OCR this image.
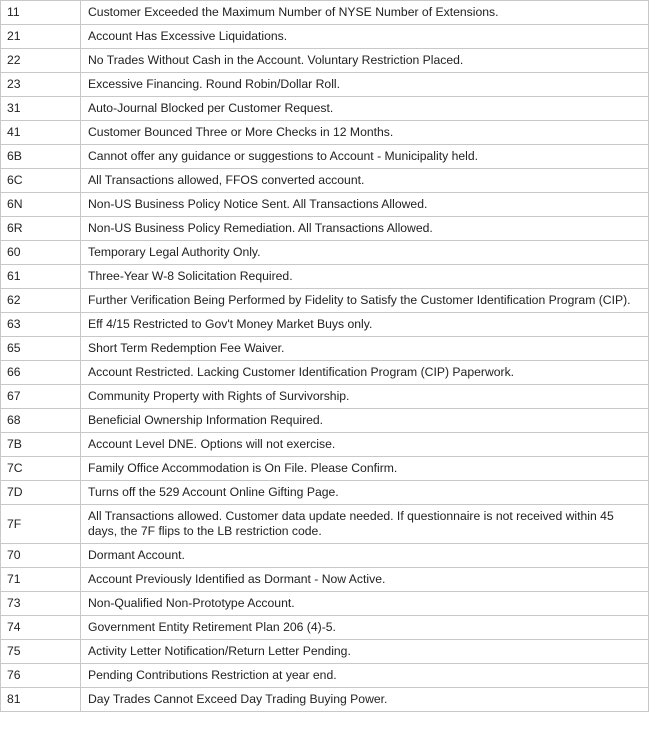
11	Customer Exceeded the Maximum Number of NYSE Number of Extensions.
21	Account Has Excessive Liquidations.
22	No Trades Without Cash in the Account. Voluntary Restriction Placed.
23	Excessive Financing. Round Robin/Dollar Roll.
31	Auto-Journal Blocked per Customer Request.
41	Customer Bounced Three or More Checks in 12 Months.
6B	Cannot offer any guidance or suggestions to Account - Municipality held.
6C	All Transactions allowed, FFOS converted account.
6N	Non-US Business Policy Notice Sent. All Transactions Allowed.
6R	Non-US Business Policy Remediation. All Transactions Allowed.
60	Temporary Legal Authority Only.
61	Three-Year W-8 Solicitation Required.
62	Further Verification Being Performed by Fidelity to Satisfy the Customer Identification Program (CIP).
63	Eff 4/15 Restricted to Gov't Money Market Buys only.
65	Short Term Redemption Fee Waiver.
66	Account Restricted. Lacking Customer Identification Program (CIP) Paperwork.
67	Community Property with Rights of Survivorship.
68	Beneficial Ownership Information Required.
7B	Account Level DNE. Options will not exercise.
7C	Family Office Accommodation is On File. Please Confirm.
7D	Turns off the 529 Account Online Gifting Page.
7F	All Transactions allowed. Customer data update needed. If questionnaire is not received within 45 days, the 7F flips to the LB restriction code.
70	Dormant Account.
71	Account Previously Identified as Dormant - Now Active.
73	Non-Qualified Non-Prototype Account.
74	Government Entity Retirement Plan 206 (4)-5.
75	Activity Letter Notification/Return Letter Pending.
76	Pending Contributions Restriction at year end.
81	Day Trades Cannot Exceed Day Trading Buying Power.
